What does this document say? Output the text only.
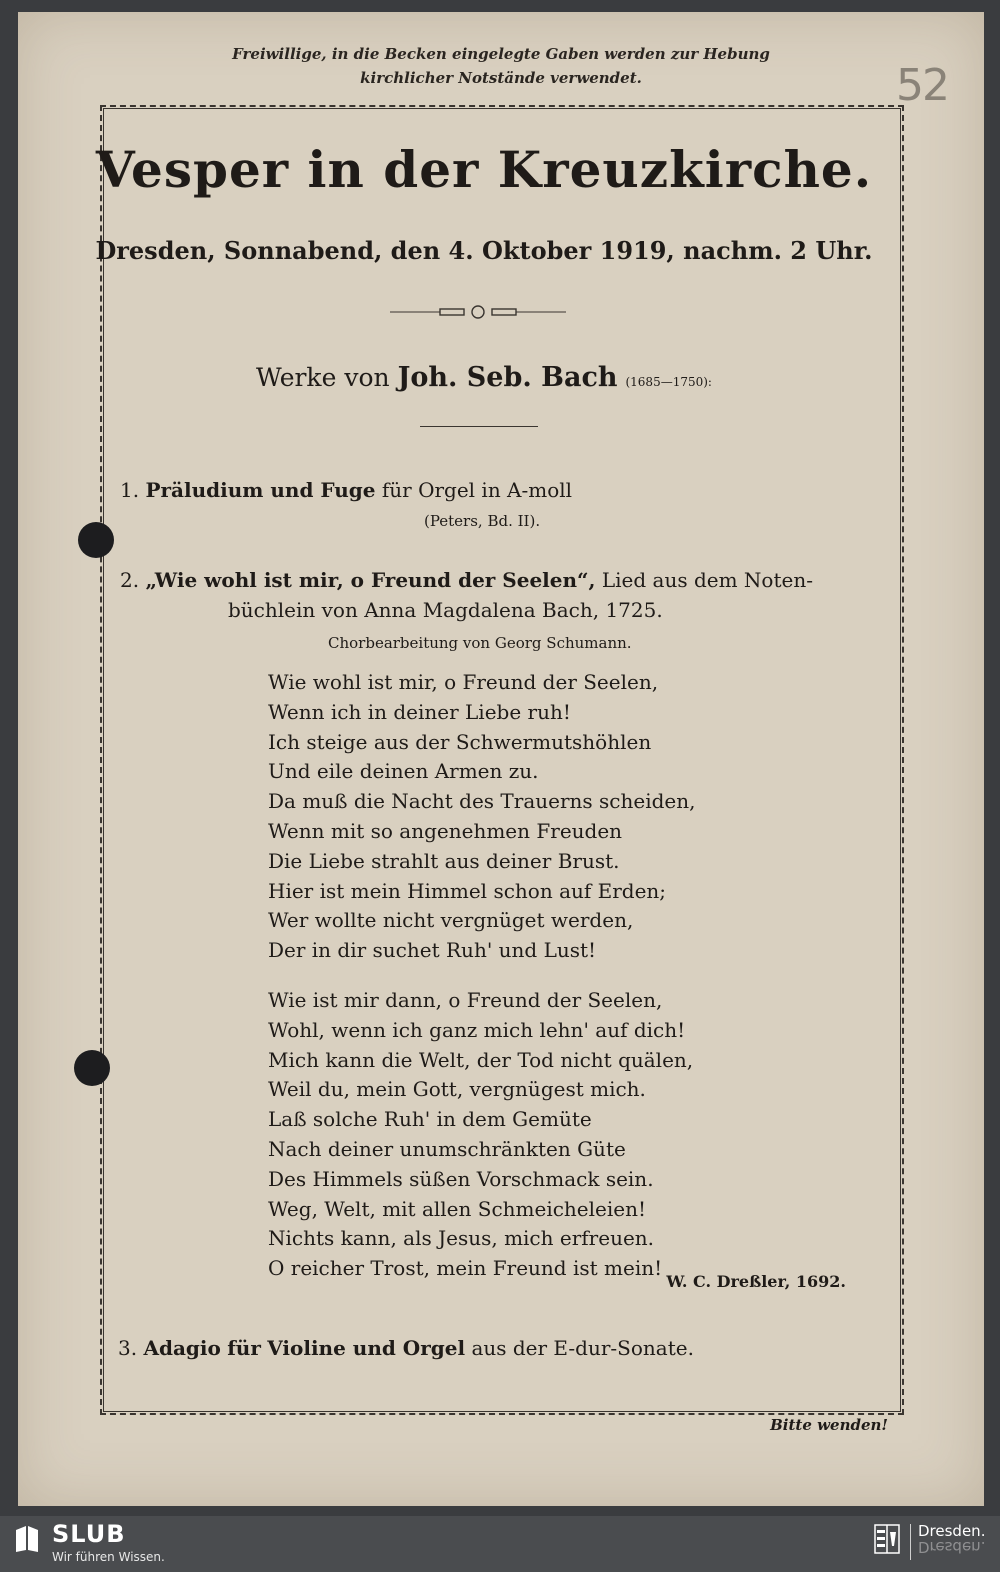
Freiwillige, in die Becken eingelegte Gaben werden zur Hebung
kirchlicher Notstände verwendet.	52
Vesper in der Kreuzkirche.
Dresden, Sonnabend, den 4. Oktober 1919, nachm. 2 Uhr.
Werke von Joh. Seb. Bach (1685—1750):
1. Präludium und Fuge für Orgel in A-moll
(Peters, Bd. II).
2. „Wie wohl ist mir, o Freund der Seelen“, Lied aus dem Noten-
büchlein von Anna Magdalena Bach, 1725.
Chorbearbeitung von Georg Schumann.
Wie wohl ist mir, o Freund der Seelen,
Wenn ich in deiner Liebe ruh!
Ich steige aus der Schwermutshöhlen
Und eile deinen Armen zu.
Da muß die Nacht des Trauerns scheiden,
Wenn mit so angenehmen Freuden
Die Liebe strahlt aus deiner Brust.
Hier ist mein Himmel schon auf Erden;
Wer wollte nicht vergnüget werden,
Der in dir suchet Ruh' und Lust!
Wie ist mir dann, o Freund der Seelen,
Wohl, wenn ich ganz mich lehn' auf dich!
Mich kann die Welt, der Tod nicht quälen,
Weil du, mein Gott, vergnügest mich.
Laß solche Ruh' in dem Gemüte
Nach deiner unumschränkten Güte
Des Himmels süßen Vorschmack sein.
Weg, Welt, mit allen Schmeicheleien!
Nichts kann, als Jesus, mich erfreuen.
O reicher Trost, mein Freund ist mein!
W. C. Dreßler, 1692.
3. Adagio für Violine und Orgel aus der E-dur-Sonate.
Bitte wenden!
SLUB
Wir führen Wissen.
Dresden.
Dresden.
